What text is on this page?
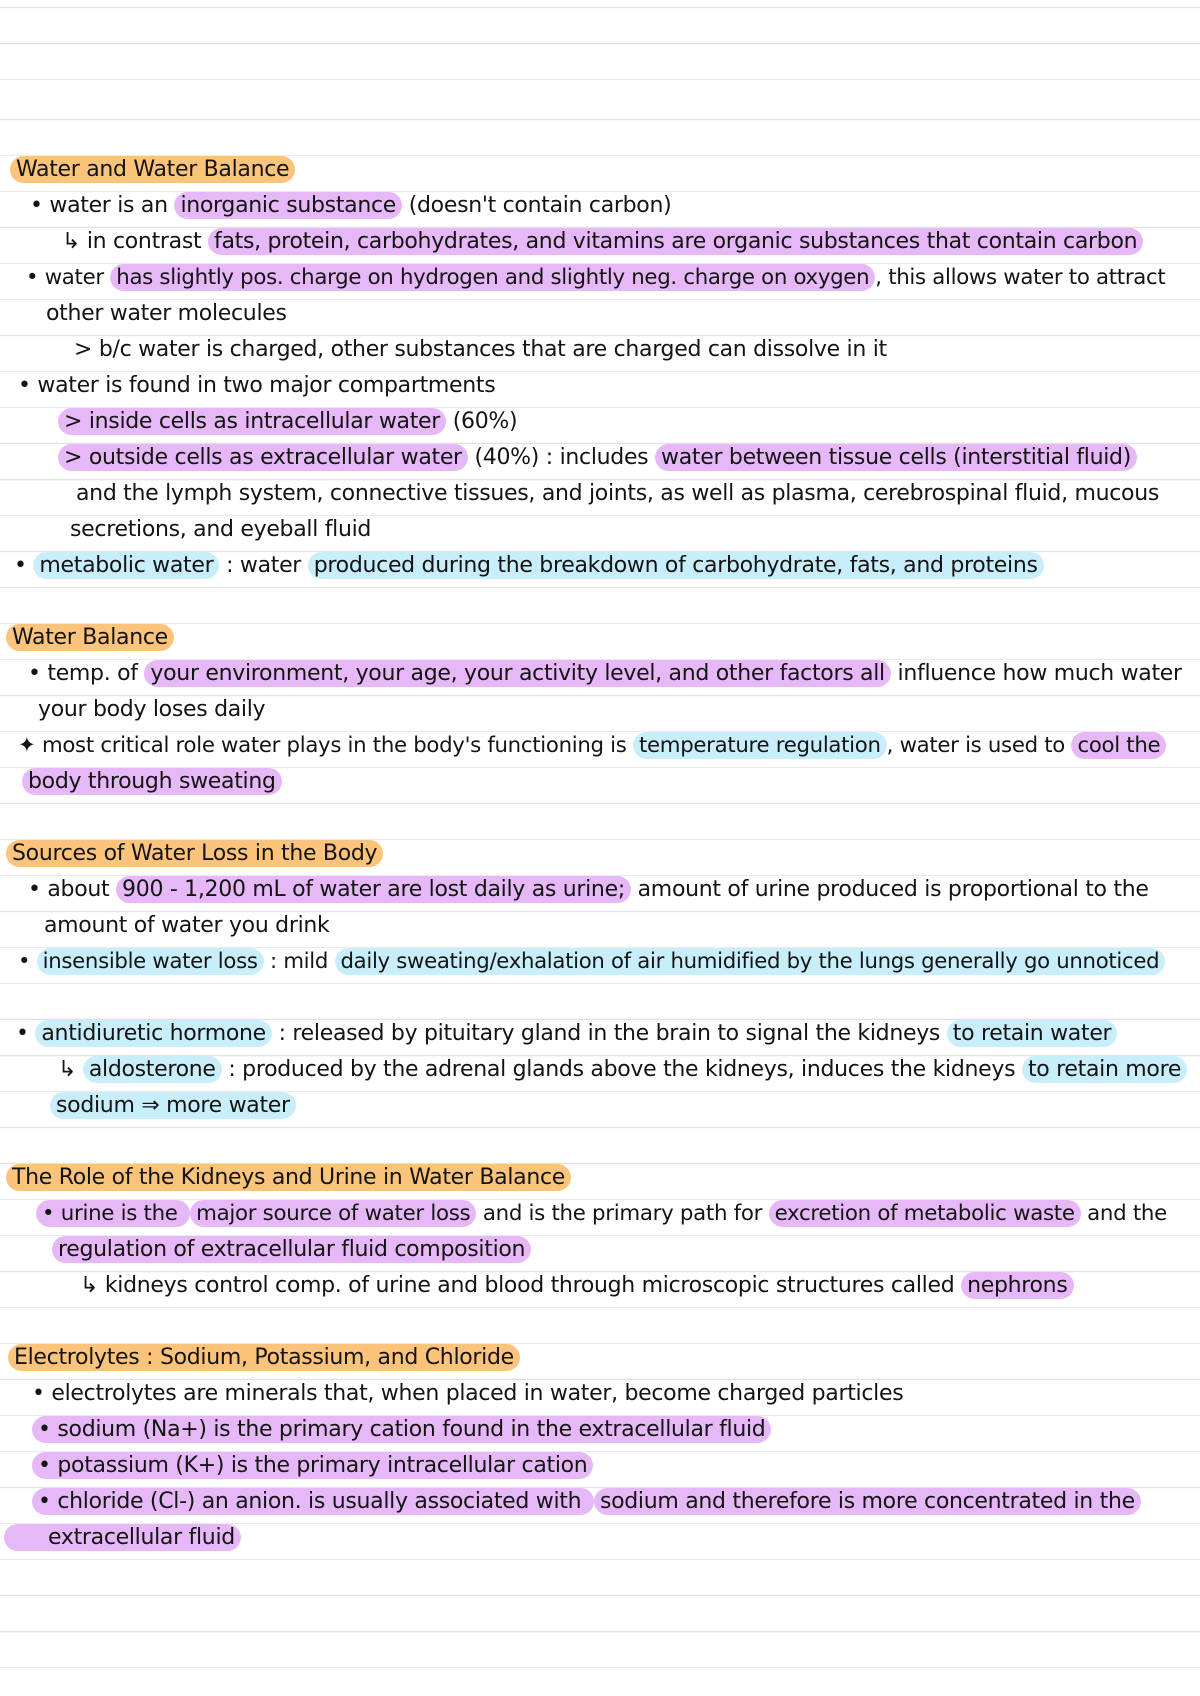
Water and Water Balance
• water is an inorganic substance (doesn't contain carbon)
↳ in contrast fats, protein, carbohydrates, and vitamins are organic substances that contain carbon
• water has slightly pos. charge on hydrogen and slightly neg. charge on oxygen , this allows water to attract
other water molecules
> b/c water is charged, other substances that are charged can dissolve in it
• water is found in two major compartments
> inside cells as intracellular water (60%)
> outside cells as extracellular water (40%) : includes water between tissue cells (interstitial fluid)
and the lymph system, connective tissues, and joints, as well as plasma, cerebrospinal fluid, mucous
secretions, and eyeball fluid
• metabolic water : water produced during the breakdown of carbohydrate, fats, and proteins
Water Balance
• temp. of your environment, your age, your activity level, and other factors all influence how much water
your body loses daily
✦ most critical role water plays in the body's functioning is temperature regulation , water is used to cool the
body through sweating
Sources of Water Loss in the Body
• about 900 - 1,200 mL of water are lost daily as urine; amount of urine produced is proportional to the
amount of water you drink
• insensible water loss : mild daily sweating/exhalation of air humidified by the lungs generally go unnoticed
• antidiuretic hormone : released by pituitary gland in the brain to signal the kidneys to retain water
↳ aldosterone : produced by the adrenal glands above the kidneys, induces the kidneys to retain more
sodium ⇒ more water
The Role of the Kidneys and Urine in Water Balance
• urine is the major source of water loss and is the primary path for excretion of metabolic waste and the
regulation of extracellular fluid composition
↳ kidneys control comp. of urine and blood through microscopic structures called nephrons
Electrolytes : Sodium, Potassium, and Chloride
• electrolytes are minerals that, when placed in water, become charged particles
• sodium (Na+) is the primary cation found in the extracellular fluid
• potassium (K+) is the primary intracellular cation
• chloride (Cl-) an anion. is usually associated with sodium and therefore is more concentrated in the
extracellular fluid
